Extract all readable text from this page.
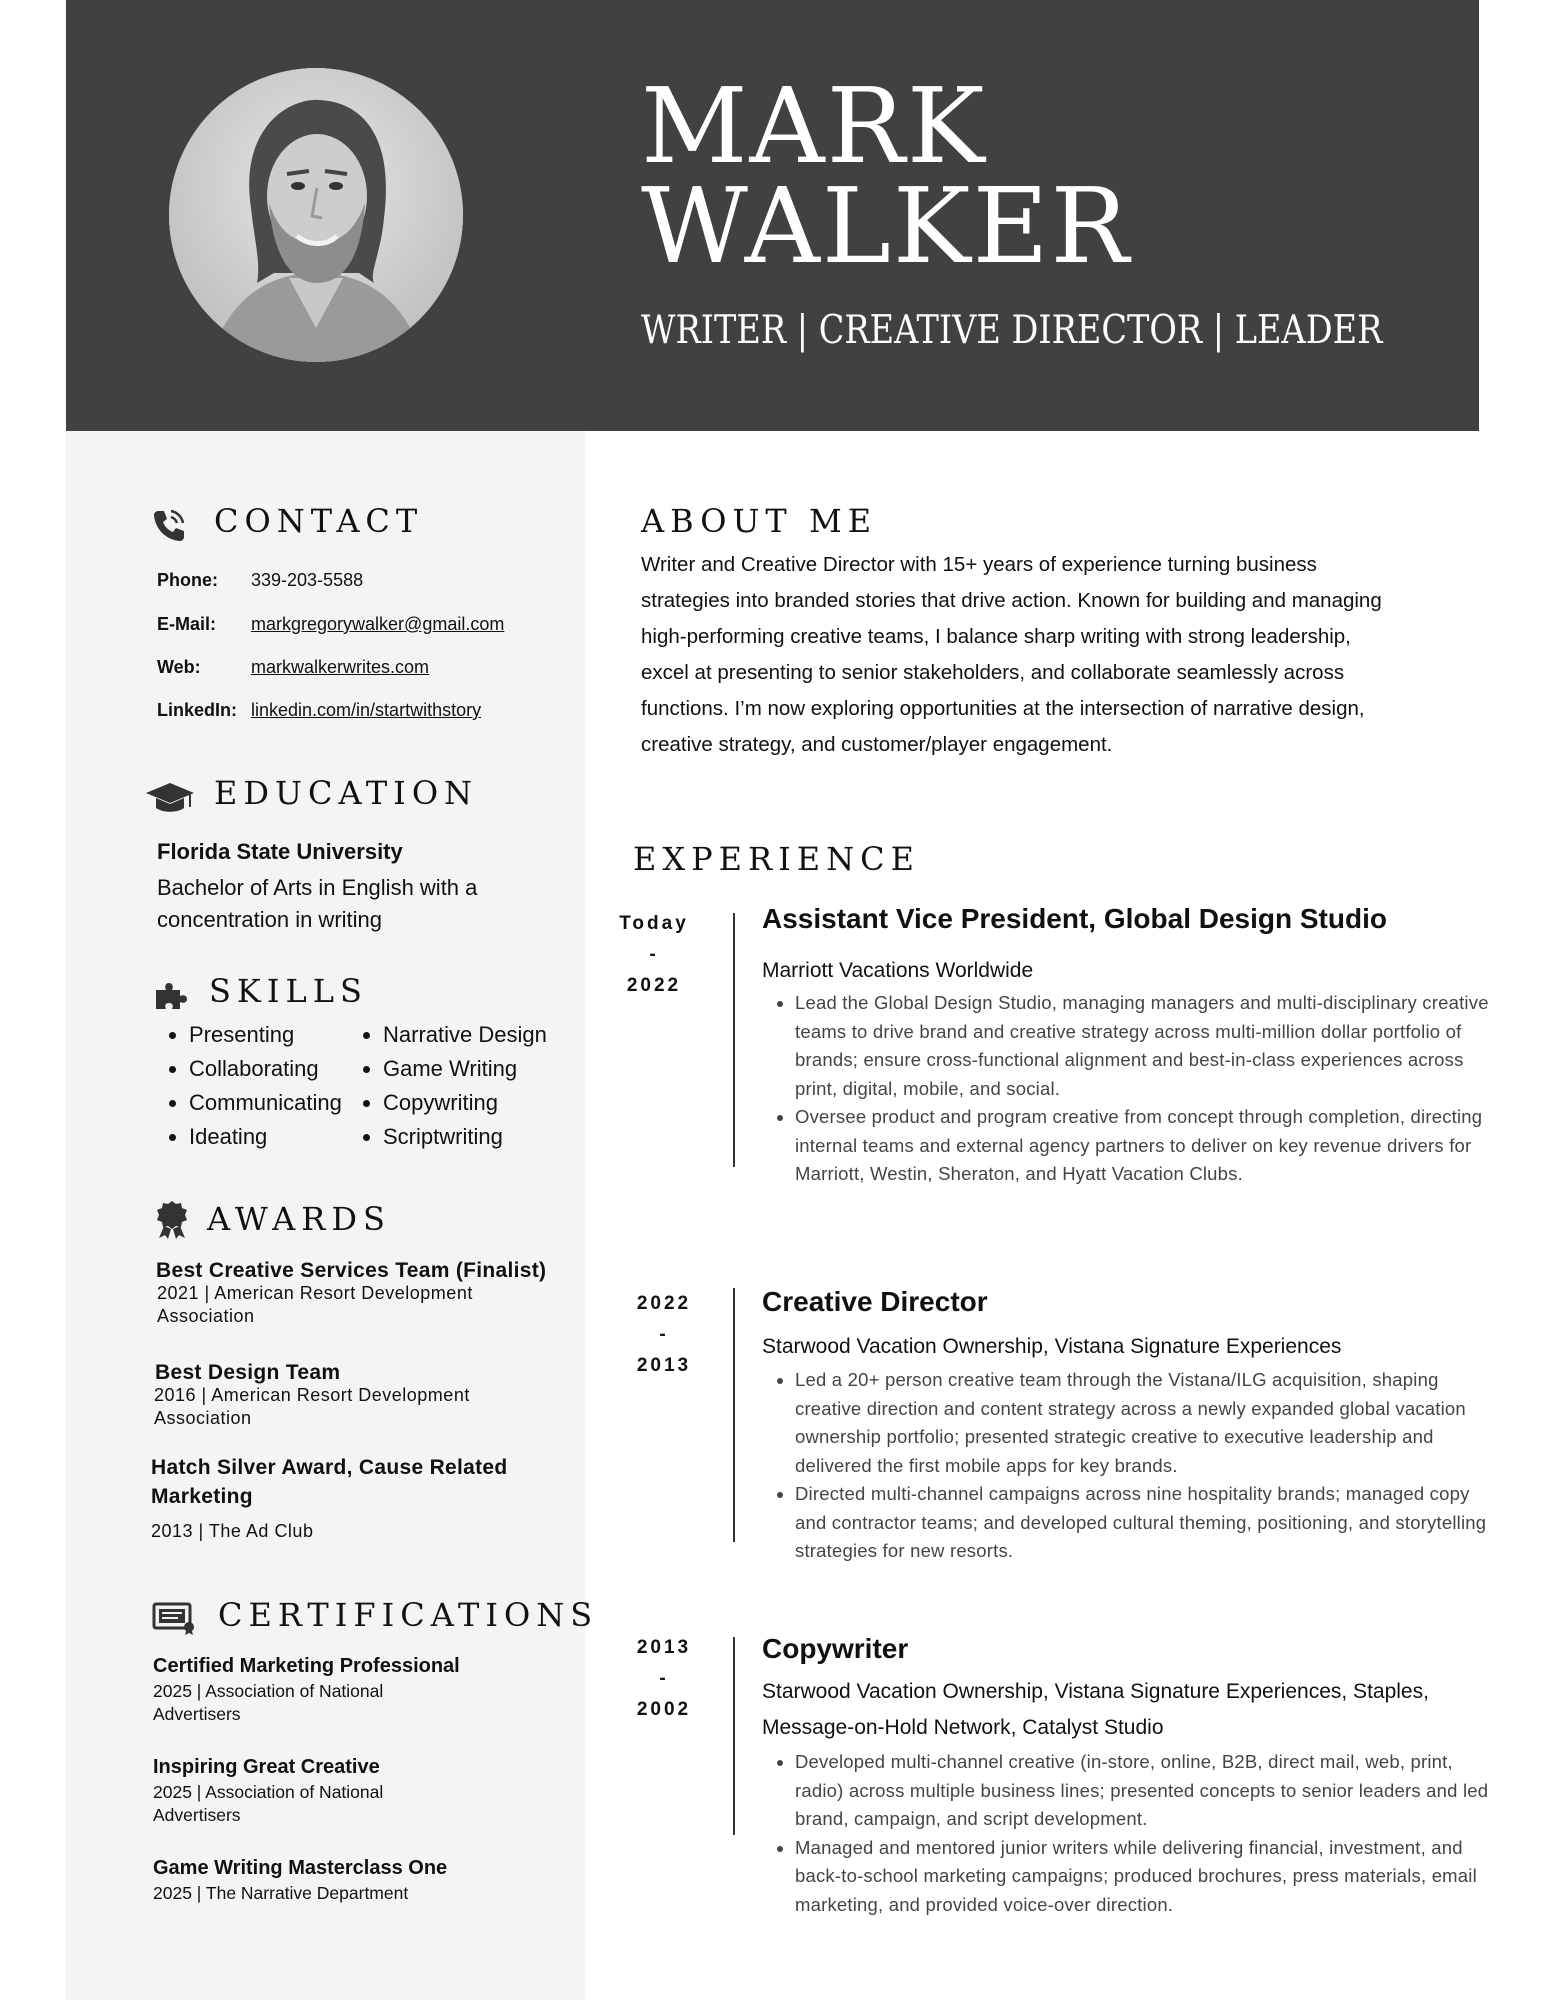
MARK
WALKER
WRITER | CREATIVE DIRECTOR | LEADER
CONTACT
Phone: 339-203-5588
E-Mail: markgregorywalker@gmail.com
Web:	markwalkerwrites.com
LinkedIn: linkedin.com/in/startwithstory
EDUCATION
Florida State University
Bachelor of Arts in English with a concentration in writing
SKILLS
• Presenting
• Collaborating
• Communicating
• Ideating
• Narrative Design
• Game Writing
• Copywriting
• Scriptwriting
AWARDS
Best Creative Services Team (Finalist)
2021 | American Resort Development Association
Best Design Team
2016 | American Resort Development Association
Hatch Silver Award, Cause Related Marketing
2013 | The Ad Club
CERTIFICATIONS
Certified Marketing Professional
2025 | Association of National Advertisers
Inspiring Great Creative
2025 | Association of National Advertisers
Game Writing Masterclass One
2025 | The Narrative Department
ABOUT ME
Writer and Creative Director with 15+ years of experience turning business strategies into branded stories that drive action. Known for building and managing high-performing creative teams, I balance sharp writing with strong leadership, excel at presenting to senior stakeholders, and collaborate seamlessly across functions. I’m now exploring opportunities at the intersection of narrative design, creative strategy, and customer/player engagement.
EXPERIENCE
Today
-
2022
Assistant Vice President, Global Design Studio
Marriott Vacations Worldwide
• Lead the Global Design Studio, managing managers and multi-disciplinary creative teams to drive brand and creative strategy across multi-million dollar portfolio of brands; ensure cross-functional alignment and best-in-class experiences across print, digital, mobile, and social.
• Oversee product and program creative from concept through completion, directing internal teams and external agency partners to deliver on key revenue drivers for Marriott, Westin, Sheraton, and Hyatt Vacation Clubs.
2022
-
2013
Creative Director
Starwood Vacation Ownership, Vistana Signature Experiences
• Led a 20+ person creative team through the Vistana/ILG acquisition, shaping creative direction and content strategy across a newly expanded global vacation ownership portfolio; presented strategic creative to executive leadership and delivered the first mobile apps for key brands.
• Directed multi-channel campaigns across nine hospitality brands; managed copy and contractor teams; and developed cultural theming, positioning, and storytelling strategies for new resorts.
2013
-
2002
Copywriter
Starwood Vacation Ownership, Vistana Signature Experiences, Staples, Message-on-Hold Network, Catalyst Studio
• Developed multi-channel creative (in-store, online, B2B, direct mail, web, print, radio) across multiple business lines; presented concepts to senior leaders and led brand, campaign, and script development.
• Managed and mentored junior writers while delivering financial, investment, and back-to-school marketing campaigns; produced brochures, press materials, email marketing, and provided voice-over direction.
